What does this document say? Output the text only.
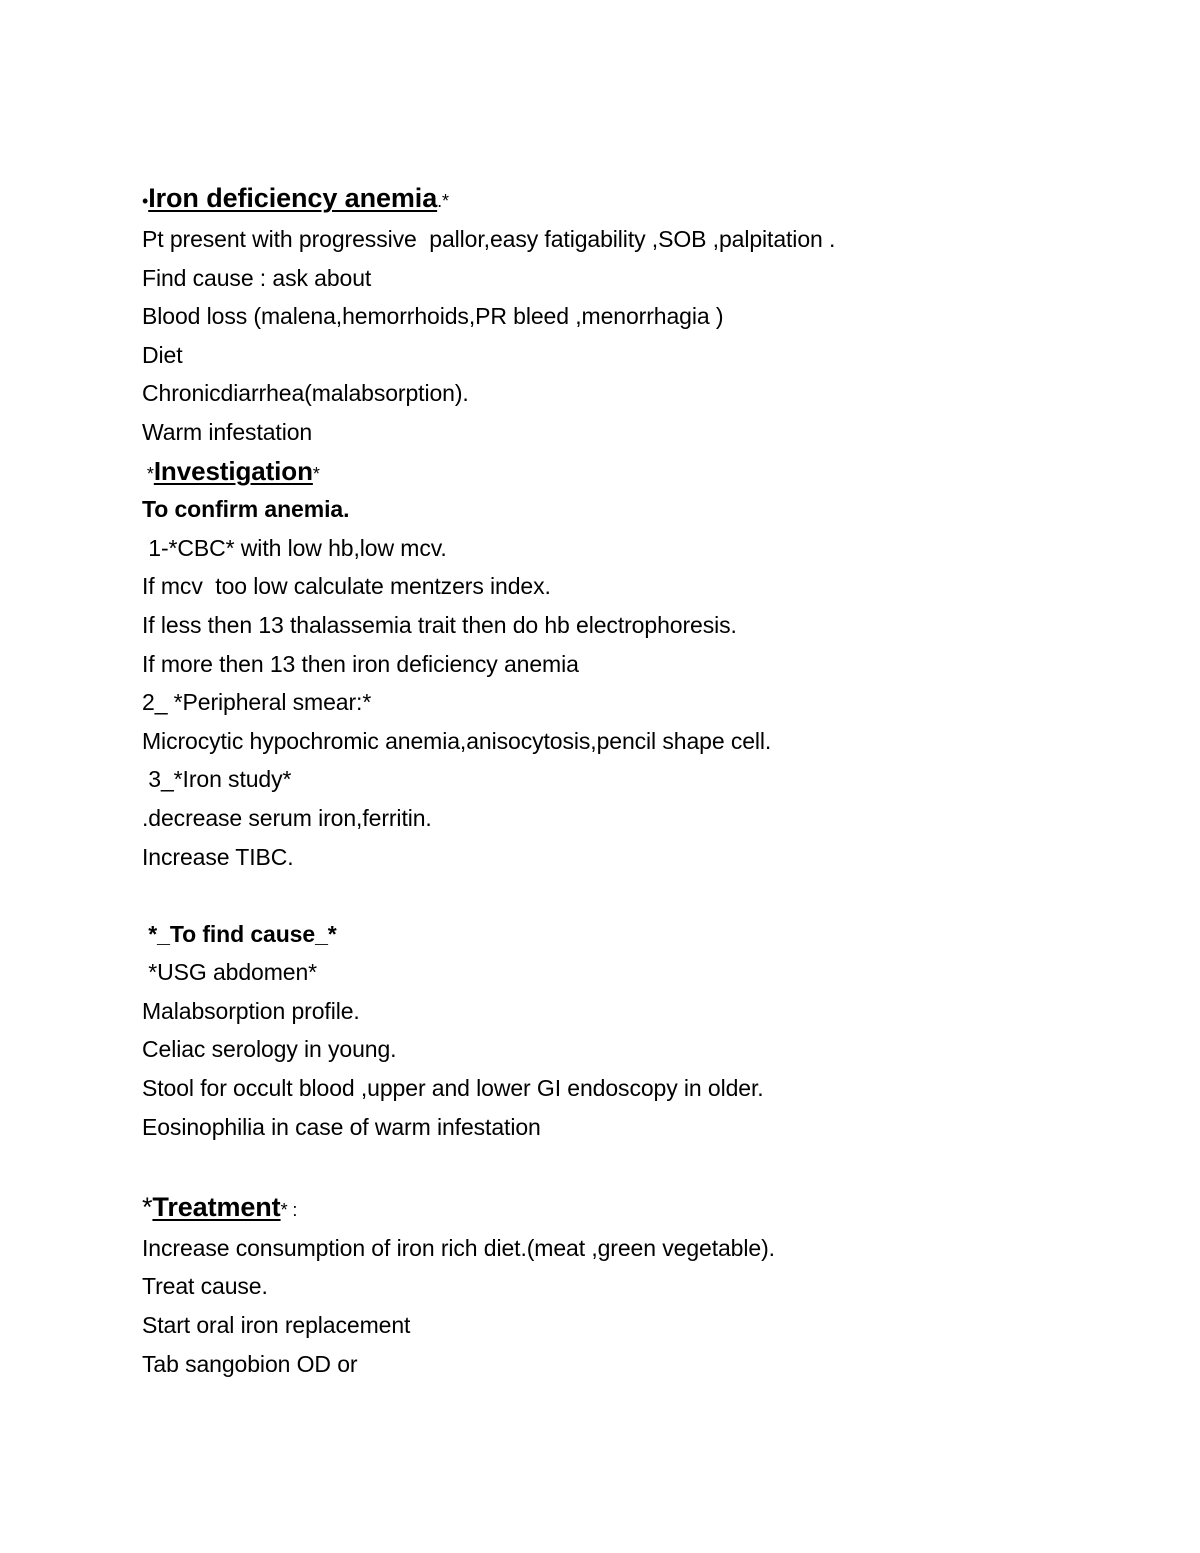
•Iron deficiency anemia.*
Pt present with progressive  pallor,easy fatigability ,SOB ,palpitation .
Find cause : ask about
Blood loss (malena,hemorrhoids,PR bleed ,menorrhagia )
Diet
Chronicdiarrhea(malabsorption).
Warm infestation
*Investigation*
To confirm anemia.
1-*CBC* with low hb,low mcv.
If mcv  too low calculate mentzers index.
If less then 13 thalassemia trait then do hb electrophoresis.
If more then 13 then iron deficiency anemia
2_ *Peripheral smear:*
Microcytic hypochromic anemia,anisocytosis,pencil shape cell.
3_*Iron study*
.decrease serum iron,ferritin.
Increase TIBC.
*_To find cause_*
*USG abdomen*
Malabsorption profile.
Celiac serology in young.
Stool for occult blood ,upper and lower GI endoscopy in older.
Eosinophilia in case of warm infestation
*Treatment* :
Increase consumption of iron rich diet.(meat ,green vegetable).
Treat cause.
Start oral iron replacement
Tab sangobion OD or
